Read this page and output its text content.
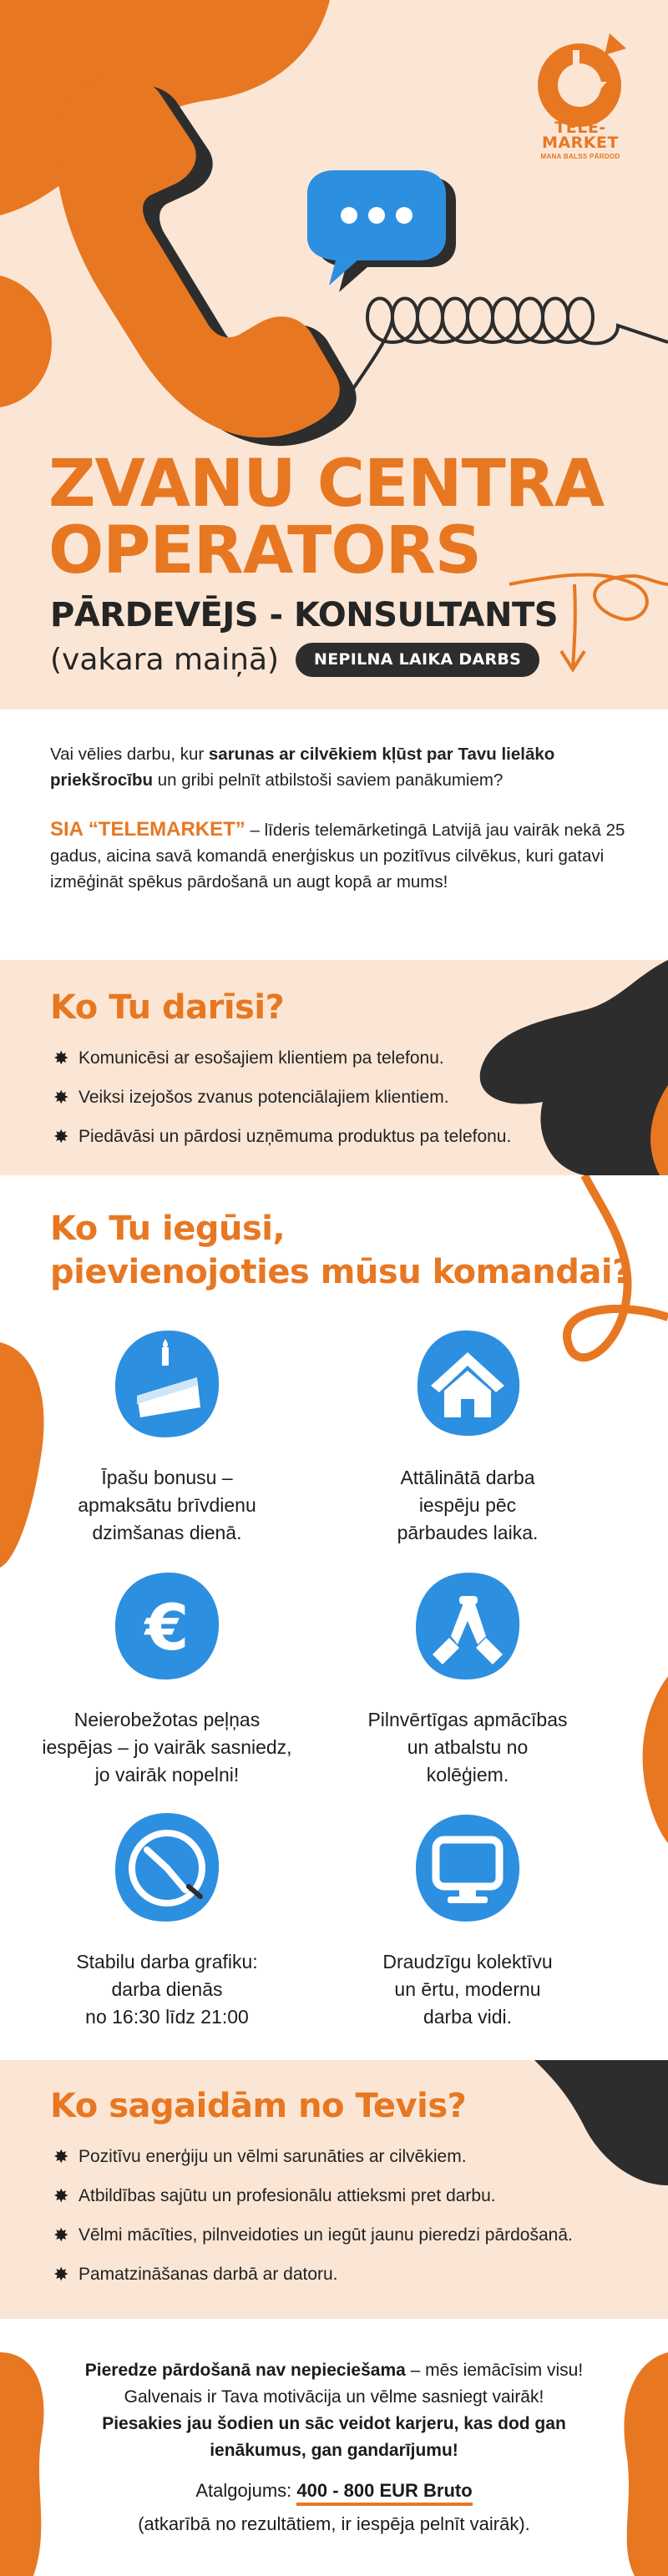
TELE-
MARKET
MANA BALSS PĀRDOD
ZVANU CENTRA
OPERATORS
PĀRDEVĒJS - KONSULTANTS
(vakara maiņā)	NEPILNA LAIKA DARBS

Vai vēlies darbu, kur sarunas ar cilvēkiem kļūst par Tavu lielāko priekšrocību un gribi pelnīt atbilstoši saviem panākumiem?

SIA “TELEMARKET” – līderis telemārketingā Latvijā jau vairāk nekā 25 gadus, aicina savā komandā enerģiskus un pozitīvus cilvēkus, kuri gatavi izmēģināt spēkus pārdošanā un augt kopā ar mums!

Ko Tu darīsi?
✸ Komunicēsi ar esošajiem klientiem pa telefonu.
✸ Veiksi izejošos zvanus potenciālajiem klientiem.
✸ Piedāvāsi un pārdosi uzņēmuma produktus pa telefonu.
Ko Tu iegūsi,
pievienojoties mūsu komandai?
Īpašu bonusu –
apmaksātu brīvdienu
dzimšanas dienā.
Attālinātā darba
iespēju pēc
pārbaudes laika.
€
Neierobežotas peļņas
iespējas – jo vairāk sasniedz,
jo vairāk nopelni!
Pilnvērtīgas apmācības
un atbalstu no
kolēģiem.
Stabilu darba grafiku:
darba dienās
no 16:30 līdz 21:00
Draudzīgu kolektīvu
un ērtu, modernu
darba vidi.
Ko sagaidām no Tevis?
✸ Pozitīvu enerģiju un vēlmi sarunāties ar cilvēkiem.
✸ Atbildības sajūtu un profesionālu attieksmi pret darbu.
✸ Vēlmi mācīties, pilnveidoties un iegūt jaunu pieredzi pārdošanā.
✸ Pamatzināšanas darbā ar datoru.
Pieredze pārdošanā nav nepieciešama – mēs iemācīsim visu!
Galvenais ir Tava motivācija un vēlme sasniegt vairāk!
Piesakies jau šodien un sāc veidot karjeru, kas dod gan ienākumus, gan gandarījumu!
Atalgojums: 400 - 800 EUR Bruto
(atkarībā no rezultātiem, ir iespēja pelnīt vairāk).
